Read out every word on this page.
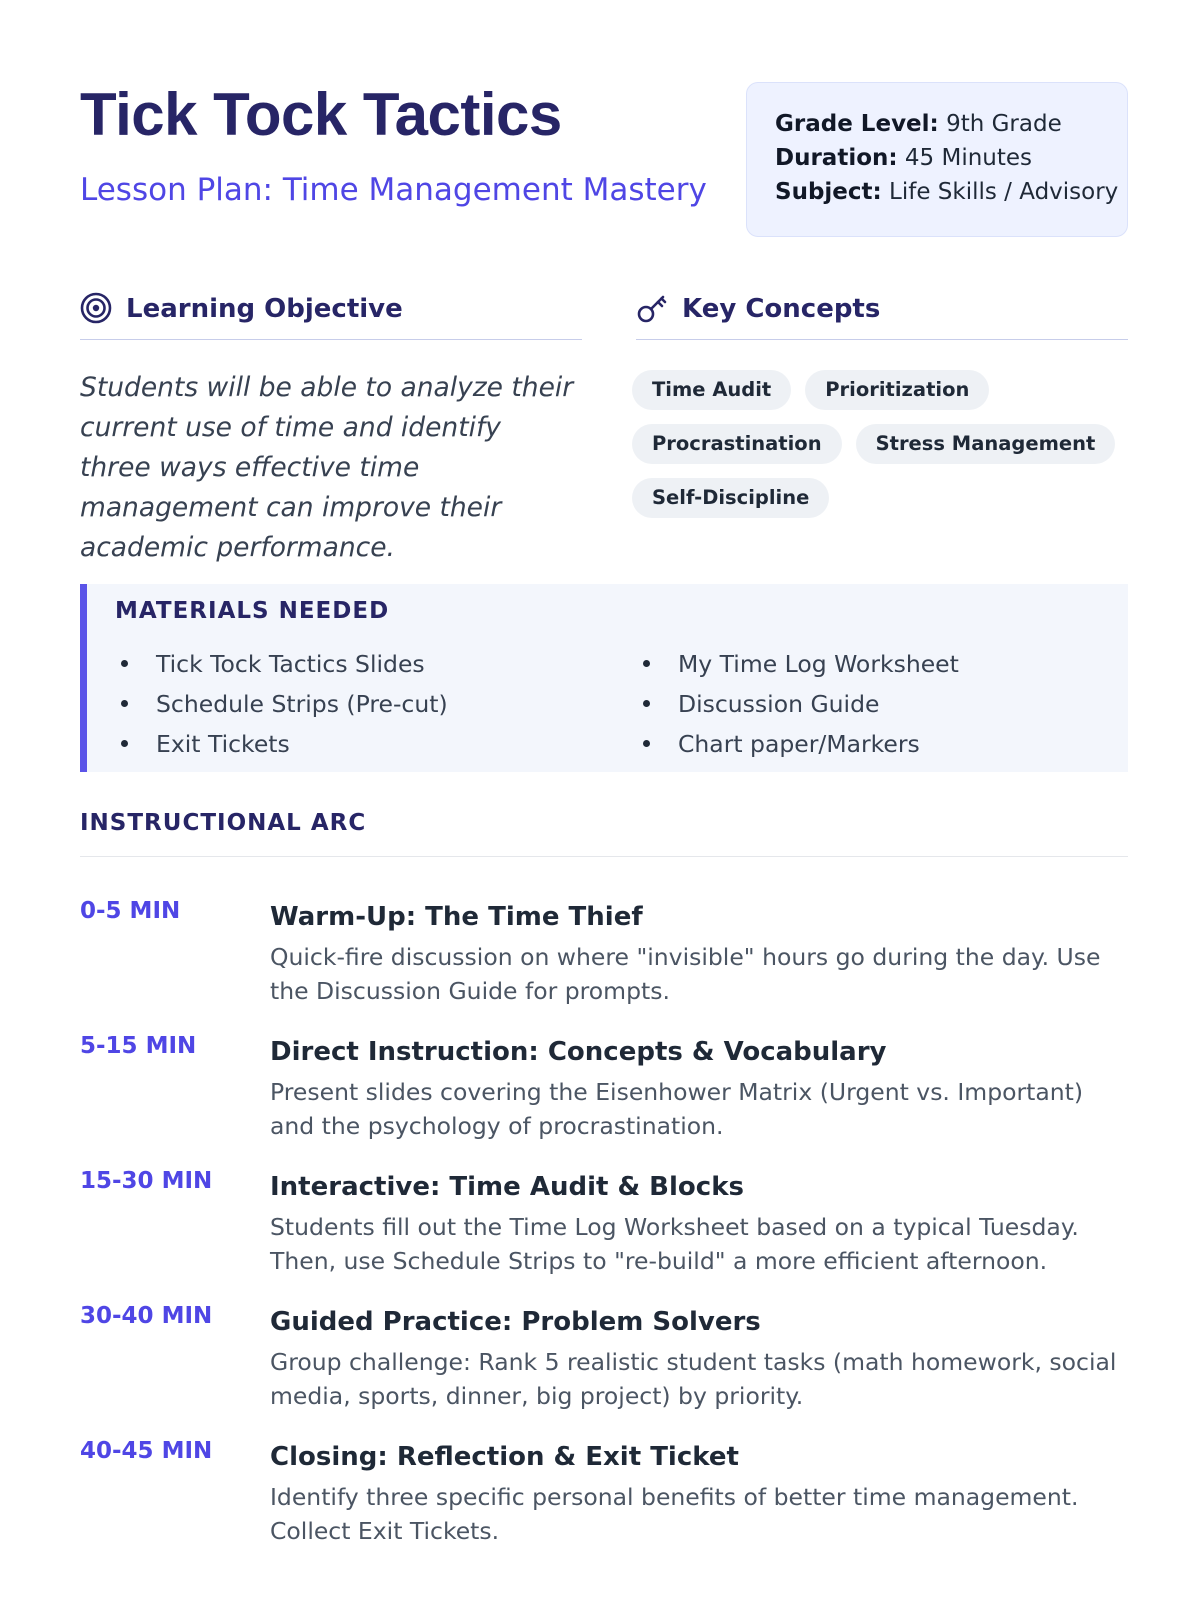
Tick Tock Tactics
Lesson Plan: Time Management Mastery
Grade Level: 9th Grade
Duration: 45 Minutes
Subject: Life Skills / Advisory
Learning Objective
Students will be able to analyze their current use of time and identify three ways effective time management can improve their academic performance.
Key Concepts
Time Audit	Prioritization
Procrastination	Stress Management
Self-Discipline
MATERIALS NEEDED
Tick Tock Tactics Slides
Schedule Strips (Pre-cut)
Exit Tickets
My Time Log Worksheet
Discussion Guide
Chart paper/Markers
INSTRUCTIONAL ARC
0-5 MIN	Warm-Up: The Time Thief
Quick-fire discussion on where "invisible" hours go during the day. Use the Discussion Guide for prompts.
5-15 MIN	Direct Instruction: Concepts & Vocabulary
Present slides covering the Eisenhower Matrix (Urgent vs. Important) and the psychology of procrastination.
15-30 MIN Interactive: Time Audit & Blocks
Students fill out the Time Log Worksheet based on a typical Tuesday. Then, use Schedule Strips to "re-build" a more efficient afternoon.
30-40 MIN Guided Practice: Problem Solvers
Group challenge: Rank 5 realistic student tasks (math homework, social media, sports, dinner, big project) by priority.
40-45 MIN Closing: Reflection & Exit Ticket
Identify three specific personal benefits of better time management. Collect Exit Tickets.
